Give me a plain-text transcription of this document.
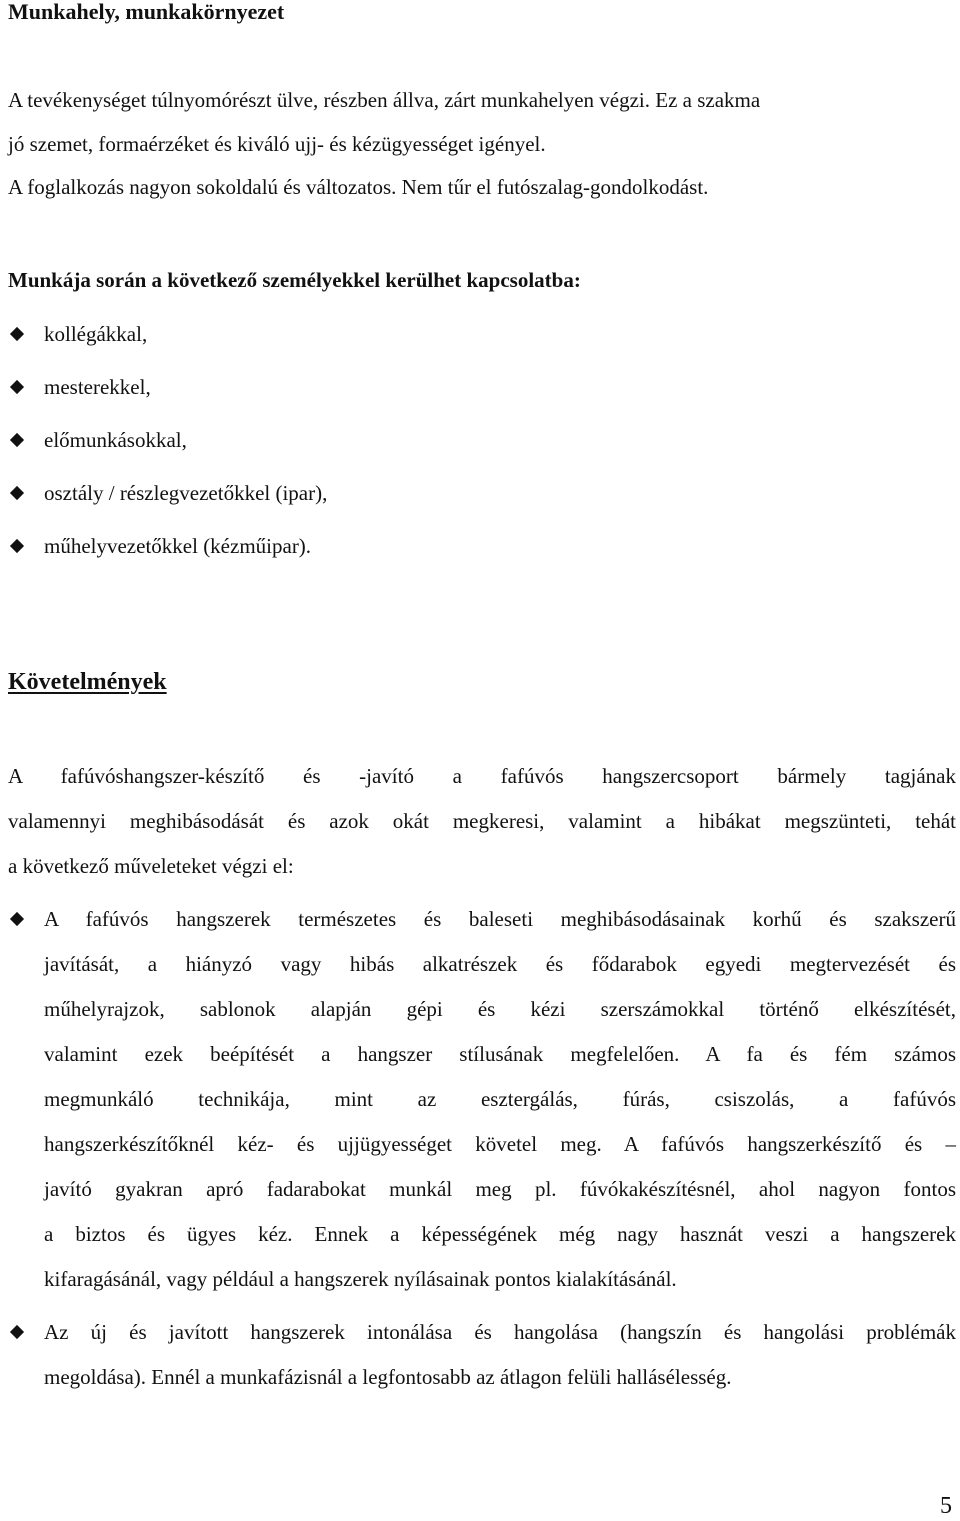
Munkahely, munkakörnyezet
A tevékenységet túlnyomórészt ülve, részben állva, zárt munkahelyen végzi. Ez a szakma
jó szemet, formaérzéket és kiváló ujj- és kézügyességet igényel.
A foglalkozás nagyon sokoldalú és változatos. Nem tűr el futószalag-gondolkodást.
Munkája során a következő személyekkel kerülhet kapcsolatba:
kollégákkal,
mesterekkel,
előmunkásokkal,
osztály / részlegvezetőkkel (ipar),
műhelyvezetőkkel (kézműipar).
Követelmények
A fafúvóshangszer-készítő és -javító a fafúvós hangszercsoport bármely tagjának
valamennyi meghibásodását és azok okát megkeresi, valamint a hibákat megszünteti, tehát
a következő műveleteket végzi el:
A fafúvós hangszerek természetes és baleseti meghibásodásainak korhű és szakszerű
javítását, a hiányzó vagy hibás alkatrészek és fődarabok egyedi megtervezését és
műhelyrajzok, sablonok alapján gépi és kézi szerszámokkal történő elkészítését,
valamint ezek beépítését a hangszer stílusának megfelelően. A fa és fém számos
megmunkáló technikája, mint az esztergálás, fúrás, csiszolás, a fafúvós
hangszerkészítőknél kéz- és ujjügyességet követel meg. A fafúvós hangszerkészítő és –
javító gyakran apró fadarabokat munkál meg pl. fúvókakészítésnél, ahol nagyon fontos
a biztos és ügyes kéz. Ennek a képességének még nagy hasznát veszi a hangszerek
kifaragásánál, vagy például a hangszerek nyílásainak pontos kialakításánál.
Az új és javított hangszerek intonálása és hangolása (hangszín és hangolási problémák
megoldása). Ennél a munkafázisnál a legfontosabb az átlagon felüli hallásélesség.
5
